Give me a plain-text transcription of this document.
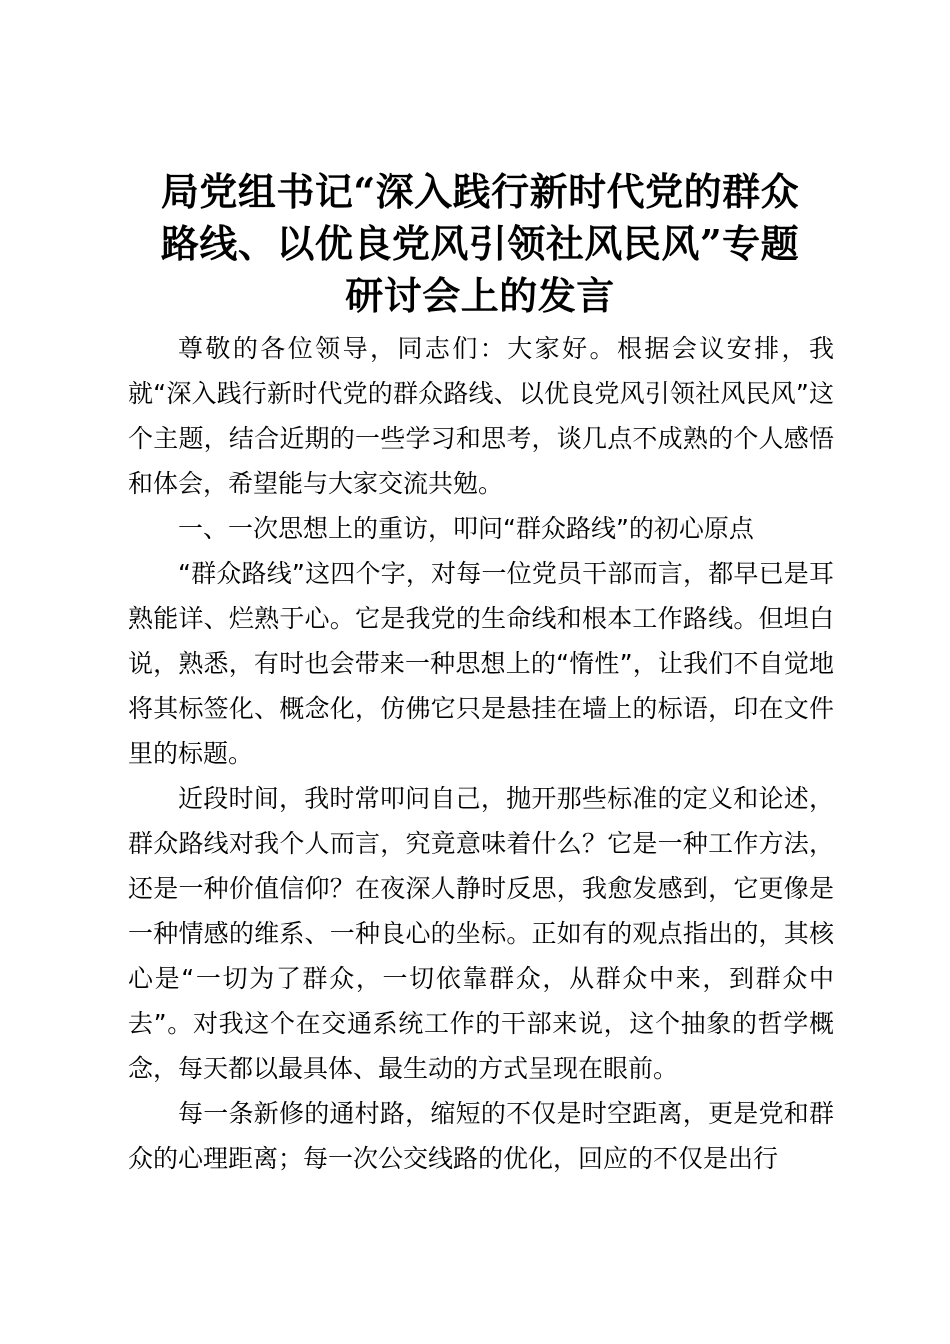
局党组书记“深入践行新时代党的群众
路线、以优良党风引领社风民风”专题
研讨会上的发言

尊敬的各位领导，同志们：大家好。根据会议安排，我就“深入践行新时代党的群众路线、以优良党风引领社风民风”这个主题，结合近期的一些学习和思考，谈几点不成熟的个人感悟和体会，希望能与大家交流共勉。

一、一次思想上的重访，叩问“群众路线”的初心原点

“群众路线”这四个字，对每一位党员干部而言，都早已是耳熟能详、烂熟于心。它是我党的生命线和根本工作路线。但坦白说，熟悉，有时也会带来一种思想上的“惰性”，让我们不自觉地将其标签化、概念化，仿佛它只是悬挂在墙上的标语，印在文件里的标题。

近段时间，我时常叩问自己，抛开那些标准的定义和论述，群众路线对我个人而言，究竟意味着什么？它是一种工作方法，还是一种价值信仰？在夜深人静时反思，我愈发感到，它更像是一种情感的维系、一种良心的坐标。正如有的观点指出的，其核心是“一切为了群众，一切依靠群众，从群众中来，到群众中去”。对我这个在交通系统工作的干部来说，这个抽象的哲学概念，每天都以最具体、最生动的方式呈现在眼前。

每一条新修的通村路，缩短的不仅是时空距离，更是党和群众的心理距离；每一次公交线路的优化，回应的不仅是出行
